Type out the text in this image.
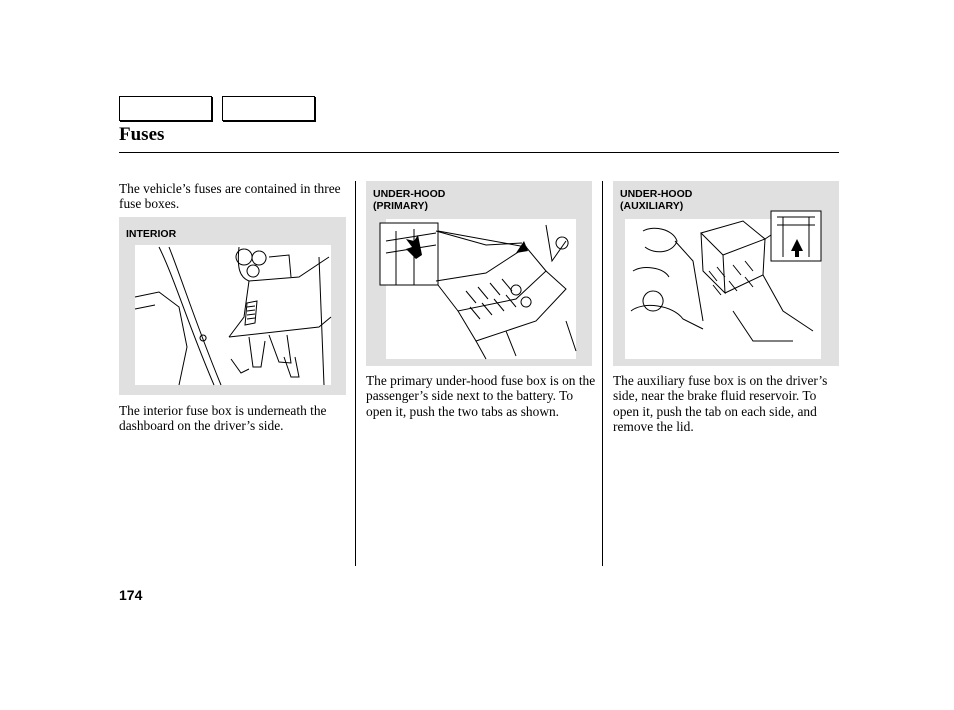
Fuses
The vehicle’s fuses are contained in three fuse boxes.
INTERIOR
The interior fuse box is underneath the dashboard on the driver’s side.
UNDER-HOOD
(PRIMARY)
The primary under-hood fuse box is on the passenger’s side next to the battery. To open it, push the two tabs as shown.
UNDER-HOOD
(AUXILIARY)
The auxiliary fuse box is on the driver’s side, near the brake fluid reservoir. To open it, push the tab on each side, and remove the lid.
174
